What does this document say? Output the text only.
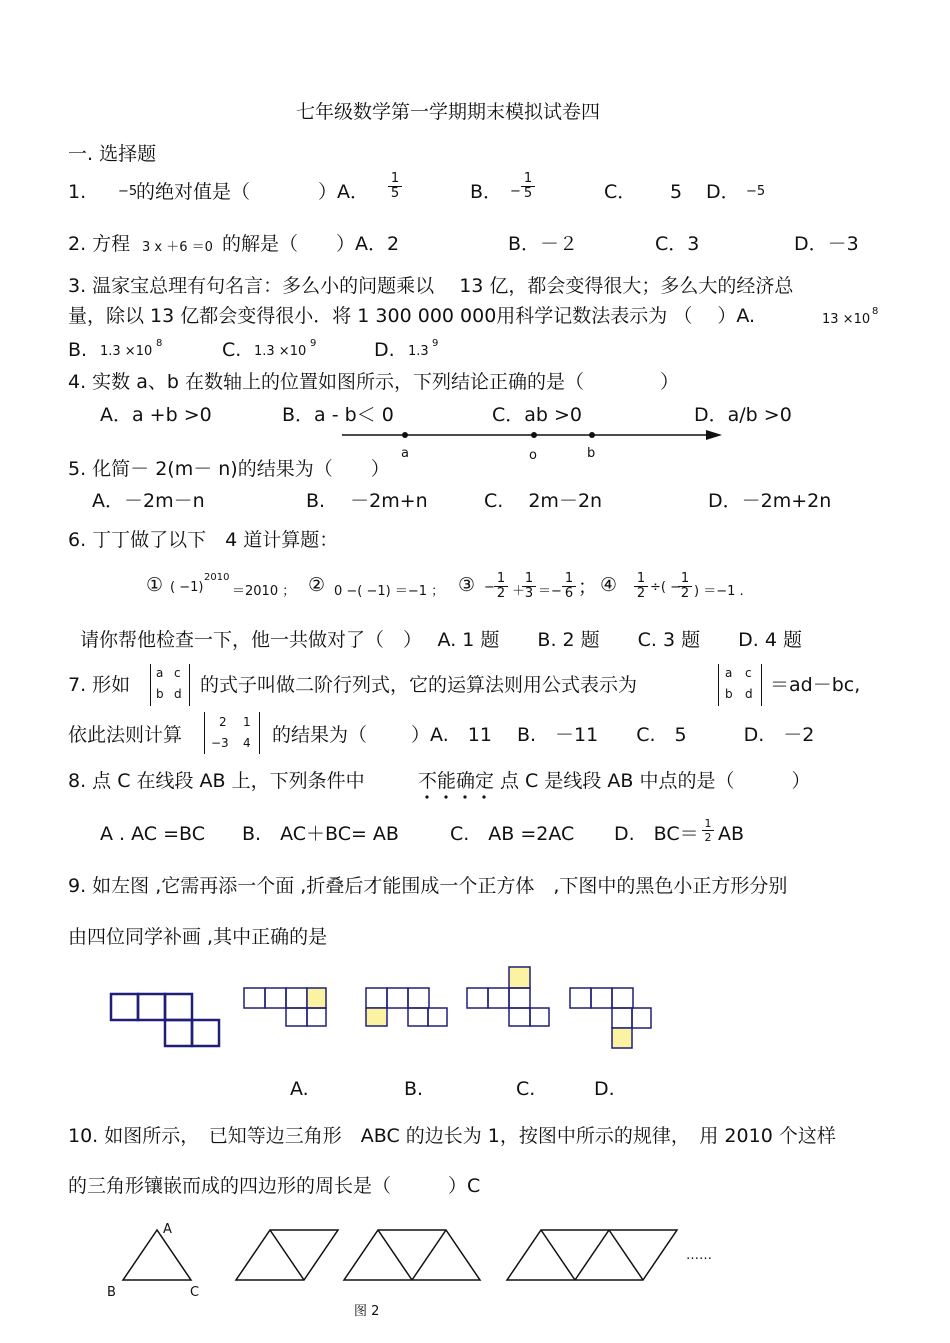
七年级数学第一学期期末模拟试卷四
一. 选择题
1. −5
的绝对值是（	）A． $\frac{1}{5}$	B． − $\frac{1}{5}$	C． 5 D． −5
2. 方程 3 x ＋6 ＝0 的解是（　　）A．2	B．－２	C．3	D．－3
3. 温家宝总理有句名言：多么小的问题乘以　 13 亿，都会变得很大；多么大的经济总
量，除以 13 亿都会变得很小．将 1 300 000 000用科学记数法表示为 （　 ）A.	13 ×10
8
B. 1.3 ×10
8	C. 1.3 ×10
9	D. 1.3
9
4. 实数 a、b 在数轴上的位置如图所示，下列结论正确的是（　　　　）
A．a +b >0	B．a - b＜ 0	C．ab >0	D．a/b >0
a	o	b
5. 化简－ 2(m－ n)的结果为（　　）
A．－2m－n	B.　 －2m+n	C.　 2m－2n	D．－2m+2n
6. 丁丁做了以下　4 道计算题：
① ( −1)
2010
＝2010 ； ② 0 −( −1) ＝−1 ； ③ − $\frac{1}{2}$ ＋
$\frac{1}{3} =- \frac{1}{6}$ ； ④ $\frac{1}{2}$ ÷( −
$\frac{1}{2}$ ) ＝−1 .
请你帮他检查一下，他一共做对了（　）　 A. 1 题　　B. 2 题　　C. 3 题　　D. 4 题
7. 形如
a c
b d 的式子叫做二阶行列式，它的运算法则用公式表示为
a c
b d ＝ad－bc,
依此法则计算
2 1
−3 4 的结果为（　　 ）A.　11　 B.　－11　　C.　5　　　D.　－2
8. 点 C 在线段 AB 上，下列条件中	不能确定 点 C 是线段 AB 中点的是（　　　）
A . AC =BC B.　AC＋BC= AB	C.　AB =2AC D.　$BC= \frac{1}{2}$ AB
9. 如左图 ,它需再添一个面 ,折叠后才能围成一个正方体　,下图中的黑色小正方形分别
由四位同学补画 ,其中正确的是
A.	B.	C.	D.
10. 如图所示，　已知等边三角形　ABC 的边长为 1，按图中所示的规律，　用 2010 个这样
的三角形镶嵌而成的四边形的周长是（　　　）C
A
B	C
……
图 2
